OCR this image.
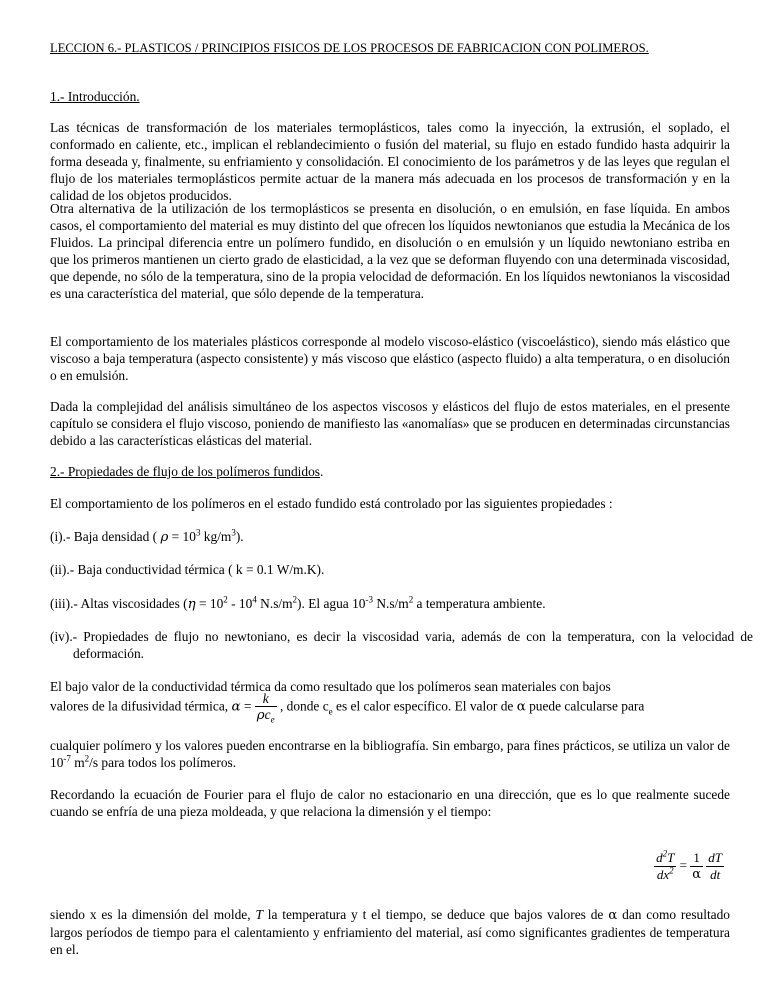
LECCION 6.- PLASTICOS / PRINCIPIOS FISICOS DE LOS PROCESOS DE FABRICACION CON POLIMEROS.

1.- Introducción.

Las técnicas de transformación de los materiales termoplásticos, tales como la inyección, la extrusión, el soplado, el conformado en caliente, etc., implican el reblandecimiento o fusión del material, su flujo en estado fundido hasta adquirir la forma deseada y, finalmente, su enfriamiento y consolidación. El conocimiento de los parámetros y de las leyes que regulan el flujo de los materiales termoplásticos permite actuar de la manera más adecuada en los procesos de transformación y en la calidad de los objetos producidos.

Otra alternativa de la utilización de los termoplásticos se presenta en disolución, o en emulsión, en fase líquida. En ambos casos, el comportamiento del material es muy distinto del que ofrecen los líquidos newtonianos que estudia la Mecánica de los Fluidos. La principal diferencia entre un polímero fundido, en disolución o en emulsión y un líquido newtoniano estriba en que los primeros mantienen un cierto grado de elasticidad, a la vez que se deforman fluyendo con una determinada viscosidad, que depende, no sólo de la temperatura, sino de la propia velocidad de deformación. En los líquidos newtonianos la viscosidad es una característica del material, que sólo depende de la temperatura.

El comportamiento de los materiales plásticos corresponde al modelo viscoso-elástico (viscoelástico), siendo más elástico que viscoso a baja temperatura (aspecto consistente) y más viscoso que elástico (aspecto fluido) a alta temperatura, o en disolución o en emulsión.

Dada la complejidad del análisis simultáneo de los aspectos viscosos y elásticos del flujo de estos materiales, en el presente capítulo se considera el flujo viscoso, poniendo de manifiesto las «anomalías» que se producen en determinadas circunstancias debido a las características elásticas del material.

2.- Propiedades de flujo de los polímeros fundidos.

El comportamiento de los polímeros en el estado fundido está controlado por las siguientes propiedades :

(i).- Baja densidad ( $\rho = 10^3$ $kg/m^3$).

(ii).- Baja conductividad térmica ( k = 0.1 W/m.K).

(iii).- Altas viscosidades ($\eta = 10^2 - 10^4$ $N.s/m^2$). El agua $10^{-3}$ $N.s/m^2$ a temperatura ambiente.

(iv).- Propiedades de flujo no newtoniano, es decir la viscosidad varia, además de con la temperatura, con la velocidad de deformación.

El bajo valor de la conductividad térmica da como resultado que los polímeros sean materiales con bajos

valores de la difusividad térmica, $\alpha = \frac{k}{\rho c_e}$ , donde $c_e$ es el calor específico. El valor de α puede calcularse para

cualquier polímero y los valores pueden encontrarse en la bibliografía. Sin embargo, para fines prácticos, se utiliza un valor de $10^{-7}$ $m^2/s$ para todos los polímeros.

Recordando la ecuación de Fourier para el flujo de calor no estacionario en una dirección, que es lo que realmente sucede cuando se enfría de una pieza moldeada, y que relaciona la dimensión y el tiempo:

$\frac{d^2T}{dx^2} = \frac{1}{\alpha}$
$\frac{dT}{dt}$

siendo x es la dimensión del molde, T la temperatura y t el tiempo, se deduce que bajos valores de α dan como resultado largos períodos de tiempo para el calentamiento y enfriamiento del material, así como significantes gradientes de temperatura en el.
